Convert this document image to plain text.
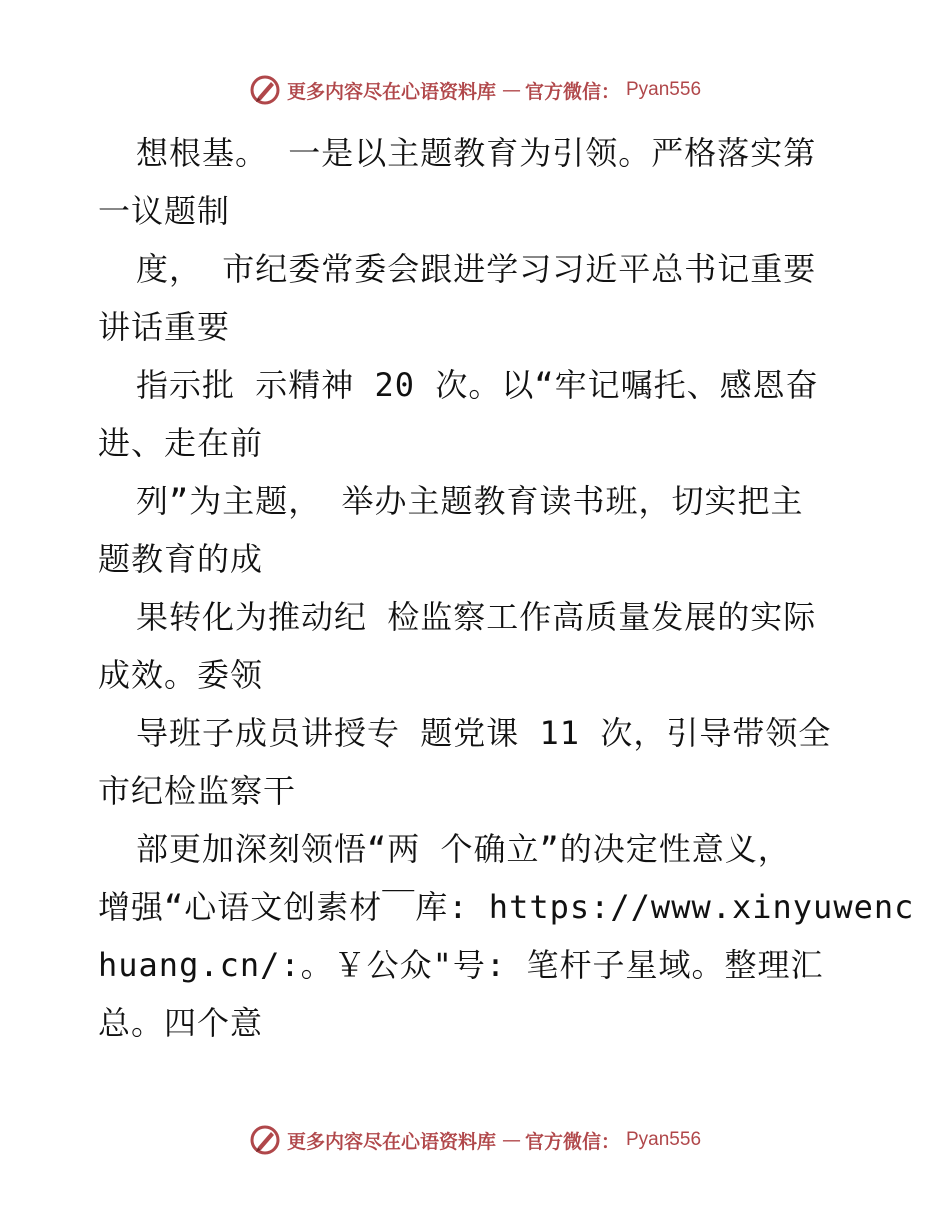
更多内容尽在心语资料库 — 官方微信： Pyan556
想根基。 一是以主题教育为引领。严格落实第
一议题制
度， 市纪委常委会跟进学习习近平总书记重要
讲话重要
指示批 示精神 20 次。以“牢记嘱托、感恩奋
进、走在前
列”为主题， 举办主题教育读书班，切实把主
题教育的成
果转化为推动纪 检监察工作高质量发展的实际
成效。委领
导班子成员讲授专 题党课 11 次，引导带领全
市纪检监察干
部更加深刻领悟“两 个确立”的决定性意义，
增强“心语文创素材￣库: https://www.xinyuwenc
huang.cn/:。￥公众"号: 笔杆子星域。整理汇
总。四个意
更多内容尽在心语资料库 — 官方微信： Pyan556
